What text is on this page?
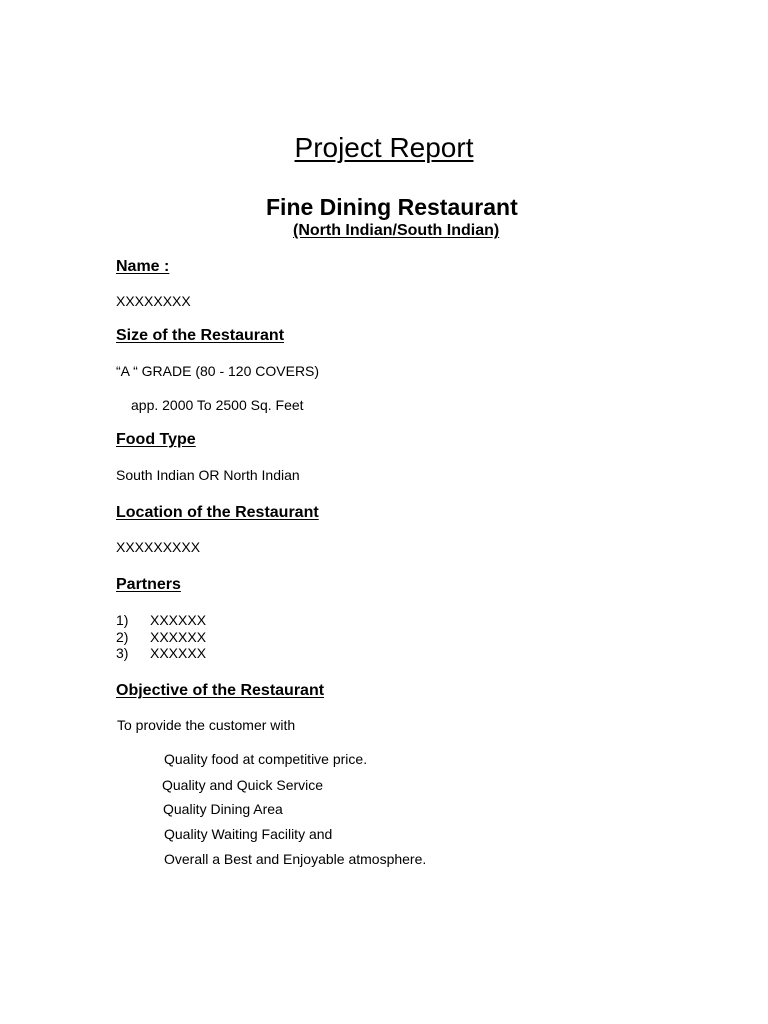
Project Report
Fine Dining Restaurant
(North Indian/South Indian)
Name :
XXXXXXXX
Size of the Restaurant
“A “ GRADE (80 - 120 COVERS)
app. 2000 To 2500 Sq. Feet
Food Type
South Indian OR North Indian
Location of the Restaurant
XXXXXXXXX
Partners
1) XXXXXX
2) XXXXXX
3) XXXXXX
Objective of the Restaurant
To provide the customer with
Quality food at competitive price.
Quality and Quick Service
Quality Dining Area
Quality Waiting Facility and
Overall a Best and Enjoyable atmosphere.
